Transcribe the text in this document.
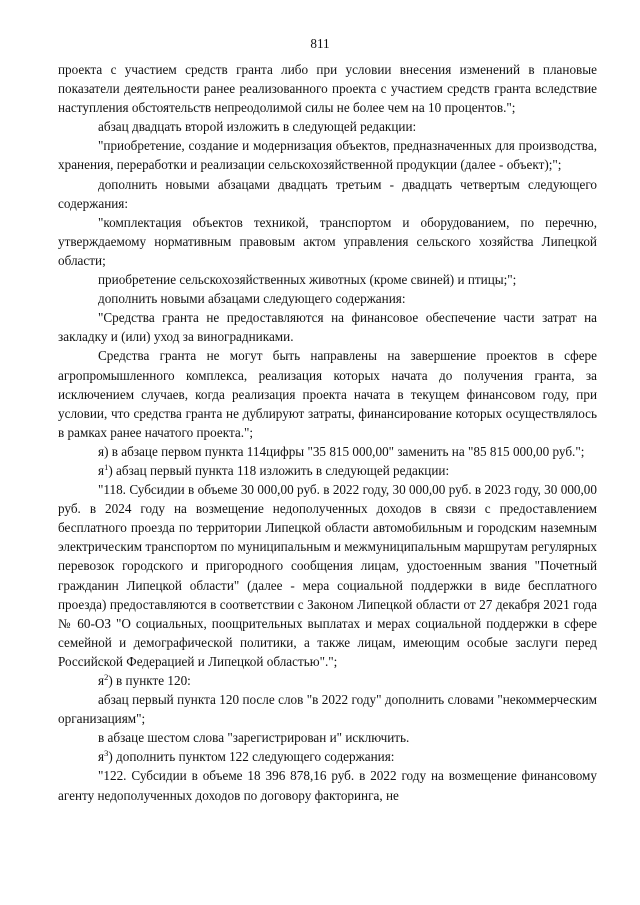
811

проекта с участием средств гранта либо при условии внесения изменений в плановые показатели деятельности ранее реализованного проекта с участием средств гранта вследствие наступления обстоятельств непреодолимой силы не более чем на 10 процентов.";

абзац двадцать второй изложить в следующей редакции:

"приобретение, создание и модернизация объектов, предназначенных для производства, хранения, переработки и реализации сельскохозяйственной продукции (далее - объект);";

дополнить новыми абзацами двадцать третьим - двадцать четвертым следующего содержания:

"комплектация объектов техникой, транспортом и оборудованием, по перечню, утверждаемому нормативным правовым актом управления сельского хозяйства Липецкой области;

приобретение сельскохозяйственных животных (кроме свиней) и птицы;";

дополнить новыми абзацами следующего содержания:

"Средства гранта не предоставляются на финансовое обеспечение части затрат на закладку и (или) уход за виноградниками.

Средства гранта не могут быть направлены на завершение проектов в сфере агропромышленного комплекса, реализация которых начата до получения гранта, за исключением случаев, когда реализация проекта начата в текущем финансовом году, при условии, что средства гранта не дублируют затраты, финансирование которых осуществлялось в рамках ранее начатого проекта.";

я) в абзаце первом пункта 114цифры "35 815 000,00" заменить на "85 815 000,00 руб.";

$я^1$) абзац первый пункта 118 изложить в следующей редакции:

"118. Субсидии в объеме 30 000,00 руб. в 2022 году, 30 000,00 руб. в 2023 году, 30 000,00 руб. в 2024 году на возмещение недополученных доходов в связи с предоставлением бесплатного проезда по территории Липецкой области автомобильным и городским наземным электрическим транспортом по муниципальным и межмуниципальным маршрутам регулярных перевозок городского и пригородного сообщения лицам, удостоенным звания "Почетный гражданин Липецкой области" (далее - мера социальной поддержки в виде бесплатного проезда) предоставляются в соответствии с Законом Липецкой области от 27 декабря 2021 года № 60-ОЗ "О социальных, поощрительных выплатах и мерах социальной поддержки в сфере семейной и демографической политики, а также лицам, имеющим особые заслуги перед Российской Федерацией и Липецкой областью".";

$я^2$) в пункте 120:

абзац первый пункта 120 после слов "в 2022 году" дополнить словами "некоммерческим организациям";

в абзаце шестом слова "зарегистрирован и" исключить.

$я^3$) дополнить пунктом 122 следующего содержания:

"122. Субсидии в объеме 18 396 878,16 руб. в 2022 году на возмещение финансовому агенту недополученных доходов по договору факторинга, не
